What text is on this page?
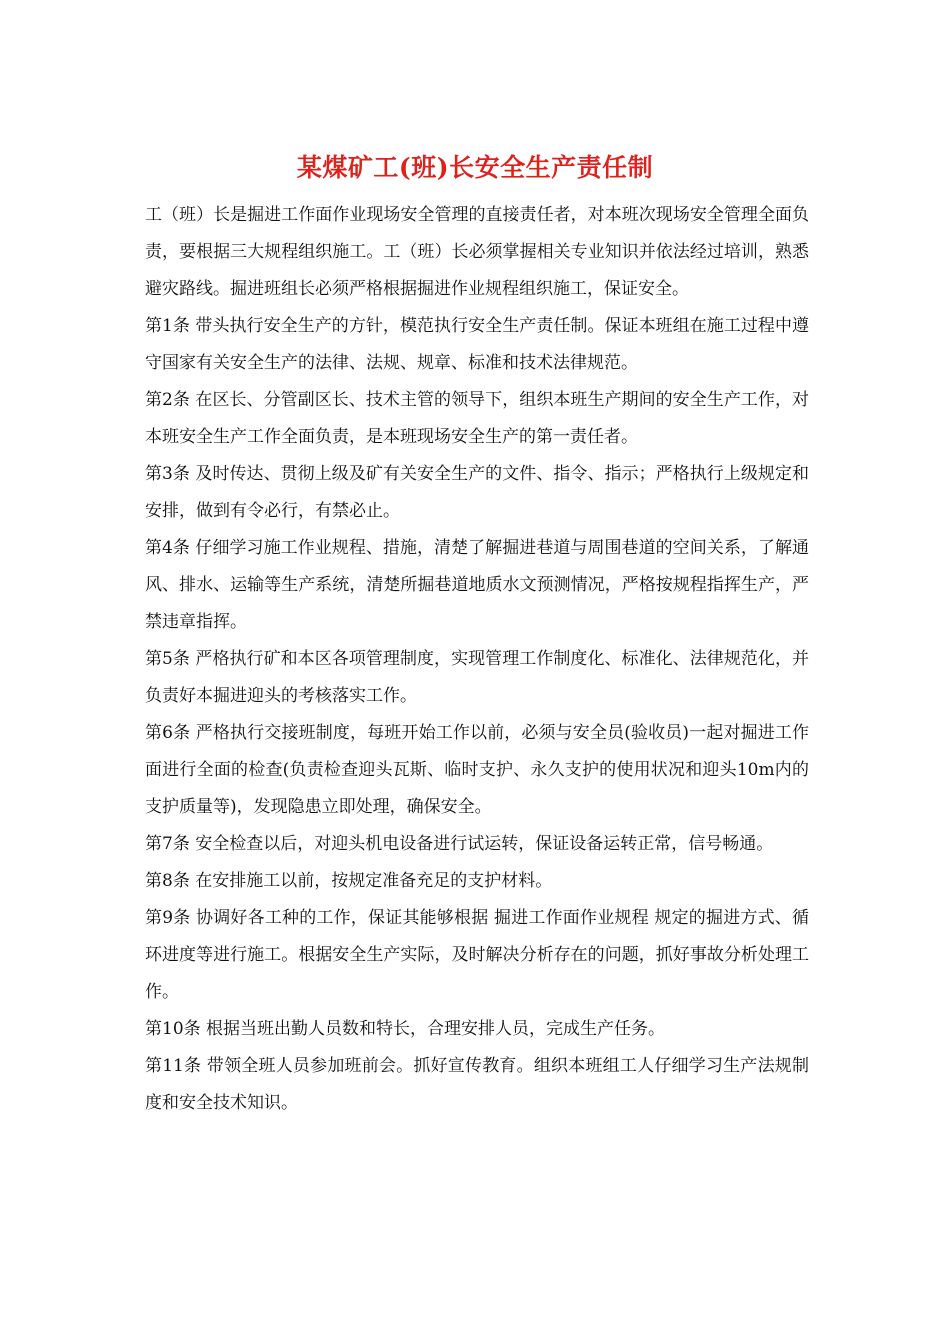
某煤矿工(班)长安全生产责任制

工（班）长是掘进工作面作业现场安全管理的直接责任者，对本班次现场安全管理全面负责，要根据三大规程组织施工。工（班）长必须掌握相关专业知识并依法经过培训，熟悉避灾路线。掘进班组长必须严格根据掘进作业规程组织施工，保证安全。

第1条 带头执行安全生产的方针，模范执行安全生产责任制。保证本班组在施工过程中遵守国家有关安全生产的法律、法规、规章、标准和技术法律规范。

第2条 在区长、分管副区长、技术主管的领导下，组织本班生产期间的安全生产工作，对本班安全生产工作全面负责，是本班现场安全生产的第一责任者。

第3条 及时传达、贯彻上级及矿有关安全生产的文件、指令、指示；严格执行上级规定和安排，做到有令必行，有禁必止。

第4条 仔细学习施工作业规程、措施，清楚了解掘进巷道与周围巷道的空间关系，了解通风、排水、运输等生产系统，清楚所掘巷道地质水文预测情况，严格按规程指挥生产，严禁违章指挥。

第5条 严格执行矿和本区各项管理制度，实现管理工作制度化、标准化、法律规范化，并负责好本掘进迎头的考核落实工作。

第6条 严格执行交接班制度，每班开始工作以前，必须与安全员(验收员)一起对掘进工作面进行全面的检查(负责检查迎头瓦斯、临时支护、永久支护的使用状况和迎头10m内的支护质量等)，发现隐患立即处理，确保安全。

第7条 安全检查以后，对迎头机电设备进行试运转，保证设备运转正常，信号畅通。

第8条 在安排施工以前，按规定准备充足的支护材料。

第9条 协调好各工种的工作，保证其能够根据 掘进工作面作业规程 规定的掘进方式、循环进度等进行施工。根据安全生产实际，及时解决分析存在的问题，抓好事故分析处理工作。

第10条 根据当班出勤人员数和特长，合理安排人员，完成生产任务。

第11条 带领全班人员参加班前会。抓好宣传教育。组织本班组工人仔细学习生产法规制度和安全技术知识。
